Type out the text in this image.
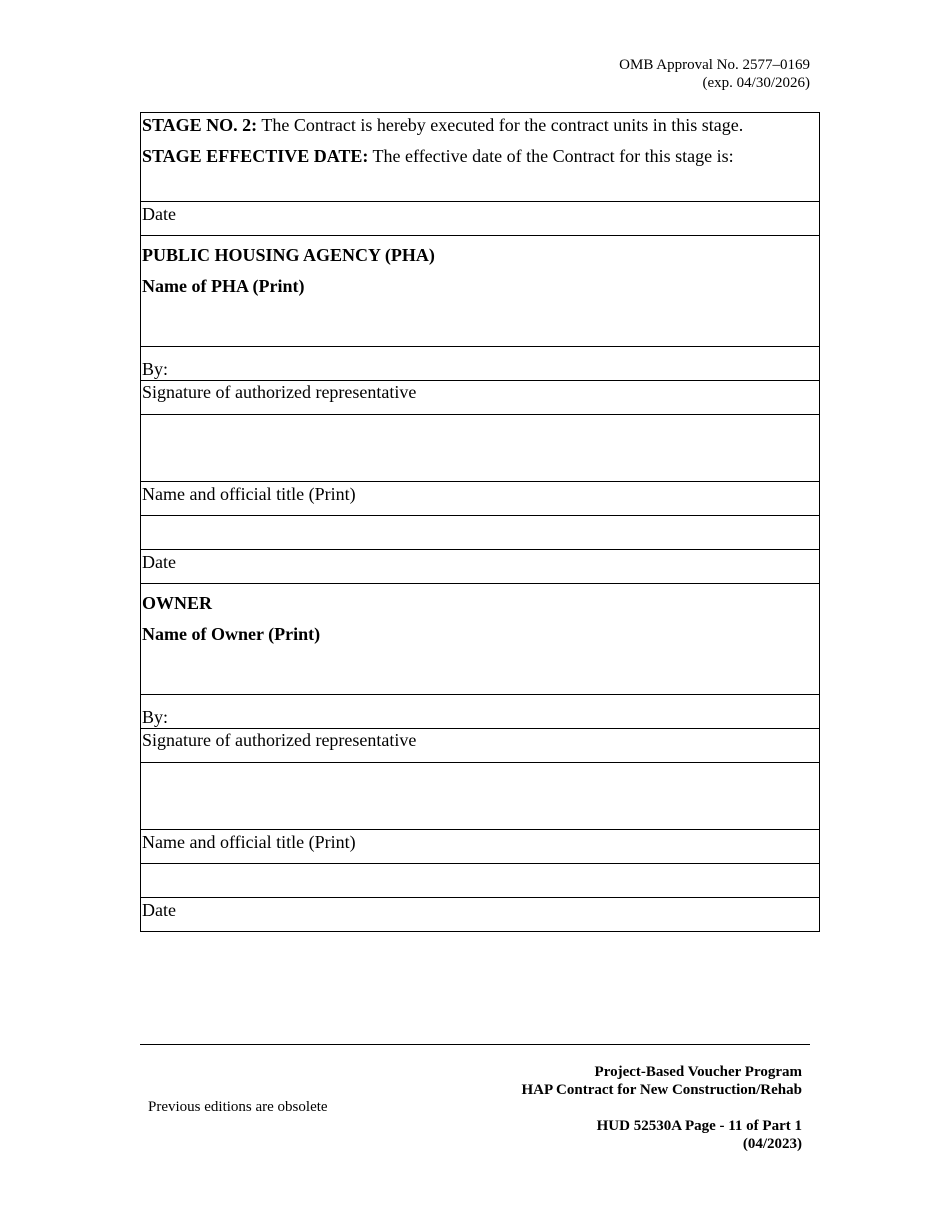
OMB Approval No. 2577–0169
(exp. 04/30/2026)

STAGE NO. 2: The Contract is hereby executed for the contract units in this stage.

STAGE EFFECTIVE DATE: The effective date of the Contract for this stage is:

Date

PUBLIC HOUSING AGENCY (PHA)

Name of PHA (Print)

By:
Signature of authorized representative
Name and official title (Print)
Date

OWNER

Name of Owner (Print)

By:
Signature of authorized representative
Name and official title (Print)
Date
Previous editions are obsolete
Project-Based Voucher Program
HAP Contract for New Construction/Rehab
HUD 52530A Page - 11 of Part 1
(04/2023)
